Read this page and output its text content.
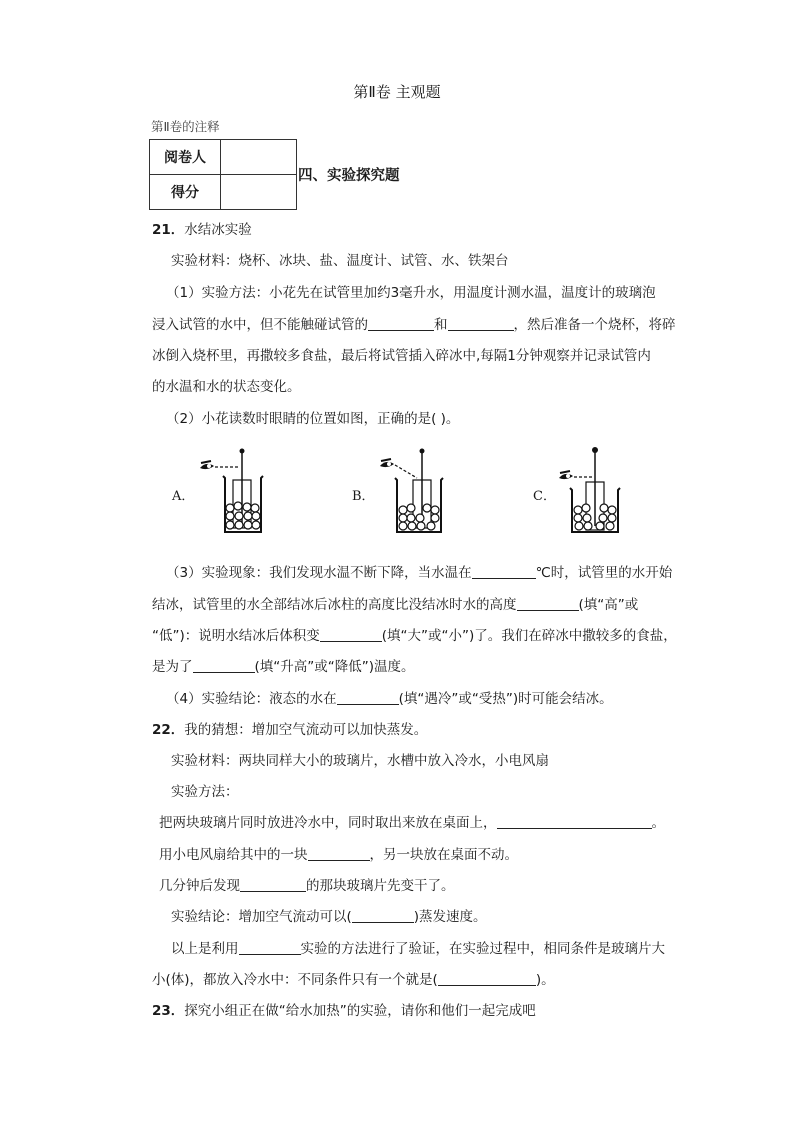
第Ⅱ卷 主观题
第Ⅱ卷的注释
阅卷人	
得分	
四、实验探究题
21．水结冰实验
实验材料：烧杯、冰块、盐、温度计、试管、水、铁架台
（1）实验方法：小花先在试管里加约3毫升水，用温度计测水温，温度计的玻璃泡
浸入试管的水中，但不能触碰试管的	和	，然后准备一个烧杯，将碎
冰倒入烧杯里，再撒较多食盐，最后将试管插入碎冰中,每隔1分钟观察并记录试管内
的水温和水的状态变化。
（2）小花读数时眼睛的位置如图，正确的是( )。
A．	B．	C．
（3）实验现象：我们发现水温不断下降，当水温在	℃时，试管里的水开始
结冰，试管里的水全部结冰后冰柱的高度比没结冰时水的高度	(填“高”或
“低”)：说明水结冰后体积变	(填“大”或“小”)了。我们在碎冰中撒较多的食盐，
是为了	(填“升高”或“降低”)温度。
（4）实验结论：液态的水在	(填“遇冷”或“受热”)时可能会结冰。
22．我的猜想：增加空气流动可以加快蒸发。
实验材料：两块同样大小的玻璃片，水槽中放入冷水，小电风扇
实验方法：
把两块玻璃片同时放进冷水中，同时取出来放在桌面上，	。
用小电风扇给其中的一块	，另一块放在桌面不动。
几分钟后发现	的那块玻璃片先变干了。
实验结论：增加空气流动可以(	)蒸发速度。
以上是利用	实验的方法进行了验证，在实验过程中，相同条件是玻璃片大
小(体)，都放入冷水中：不同条件只有一个就是(	)。
23．探究小组正在做“给水加热”的实验，请你和他们一起完成吧
